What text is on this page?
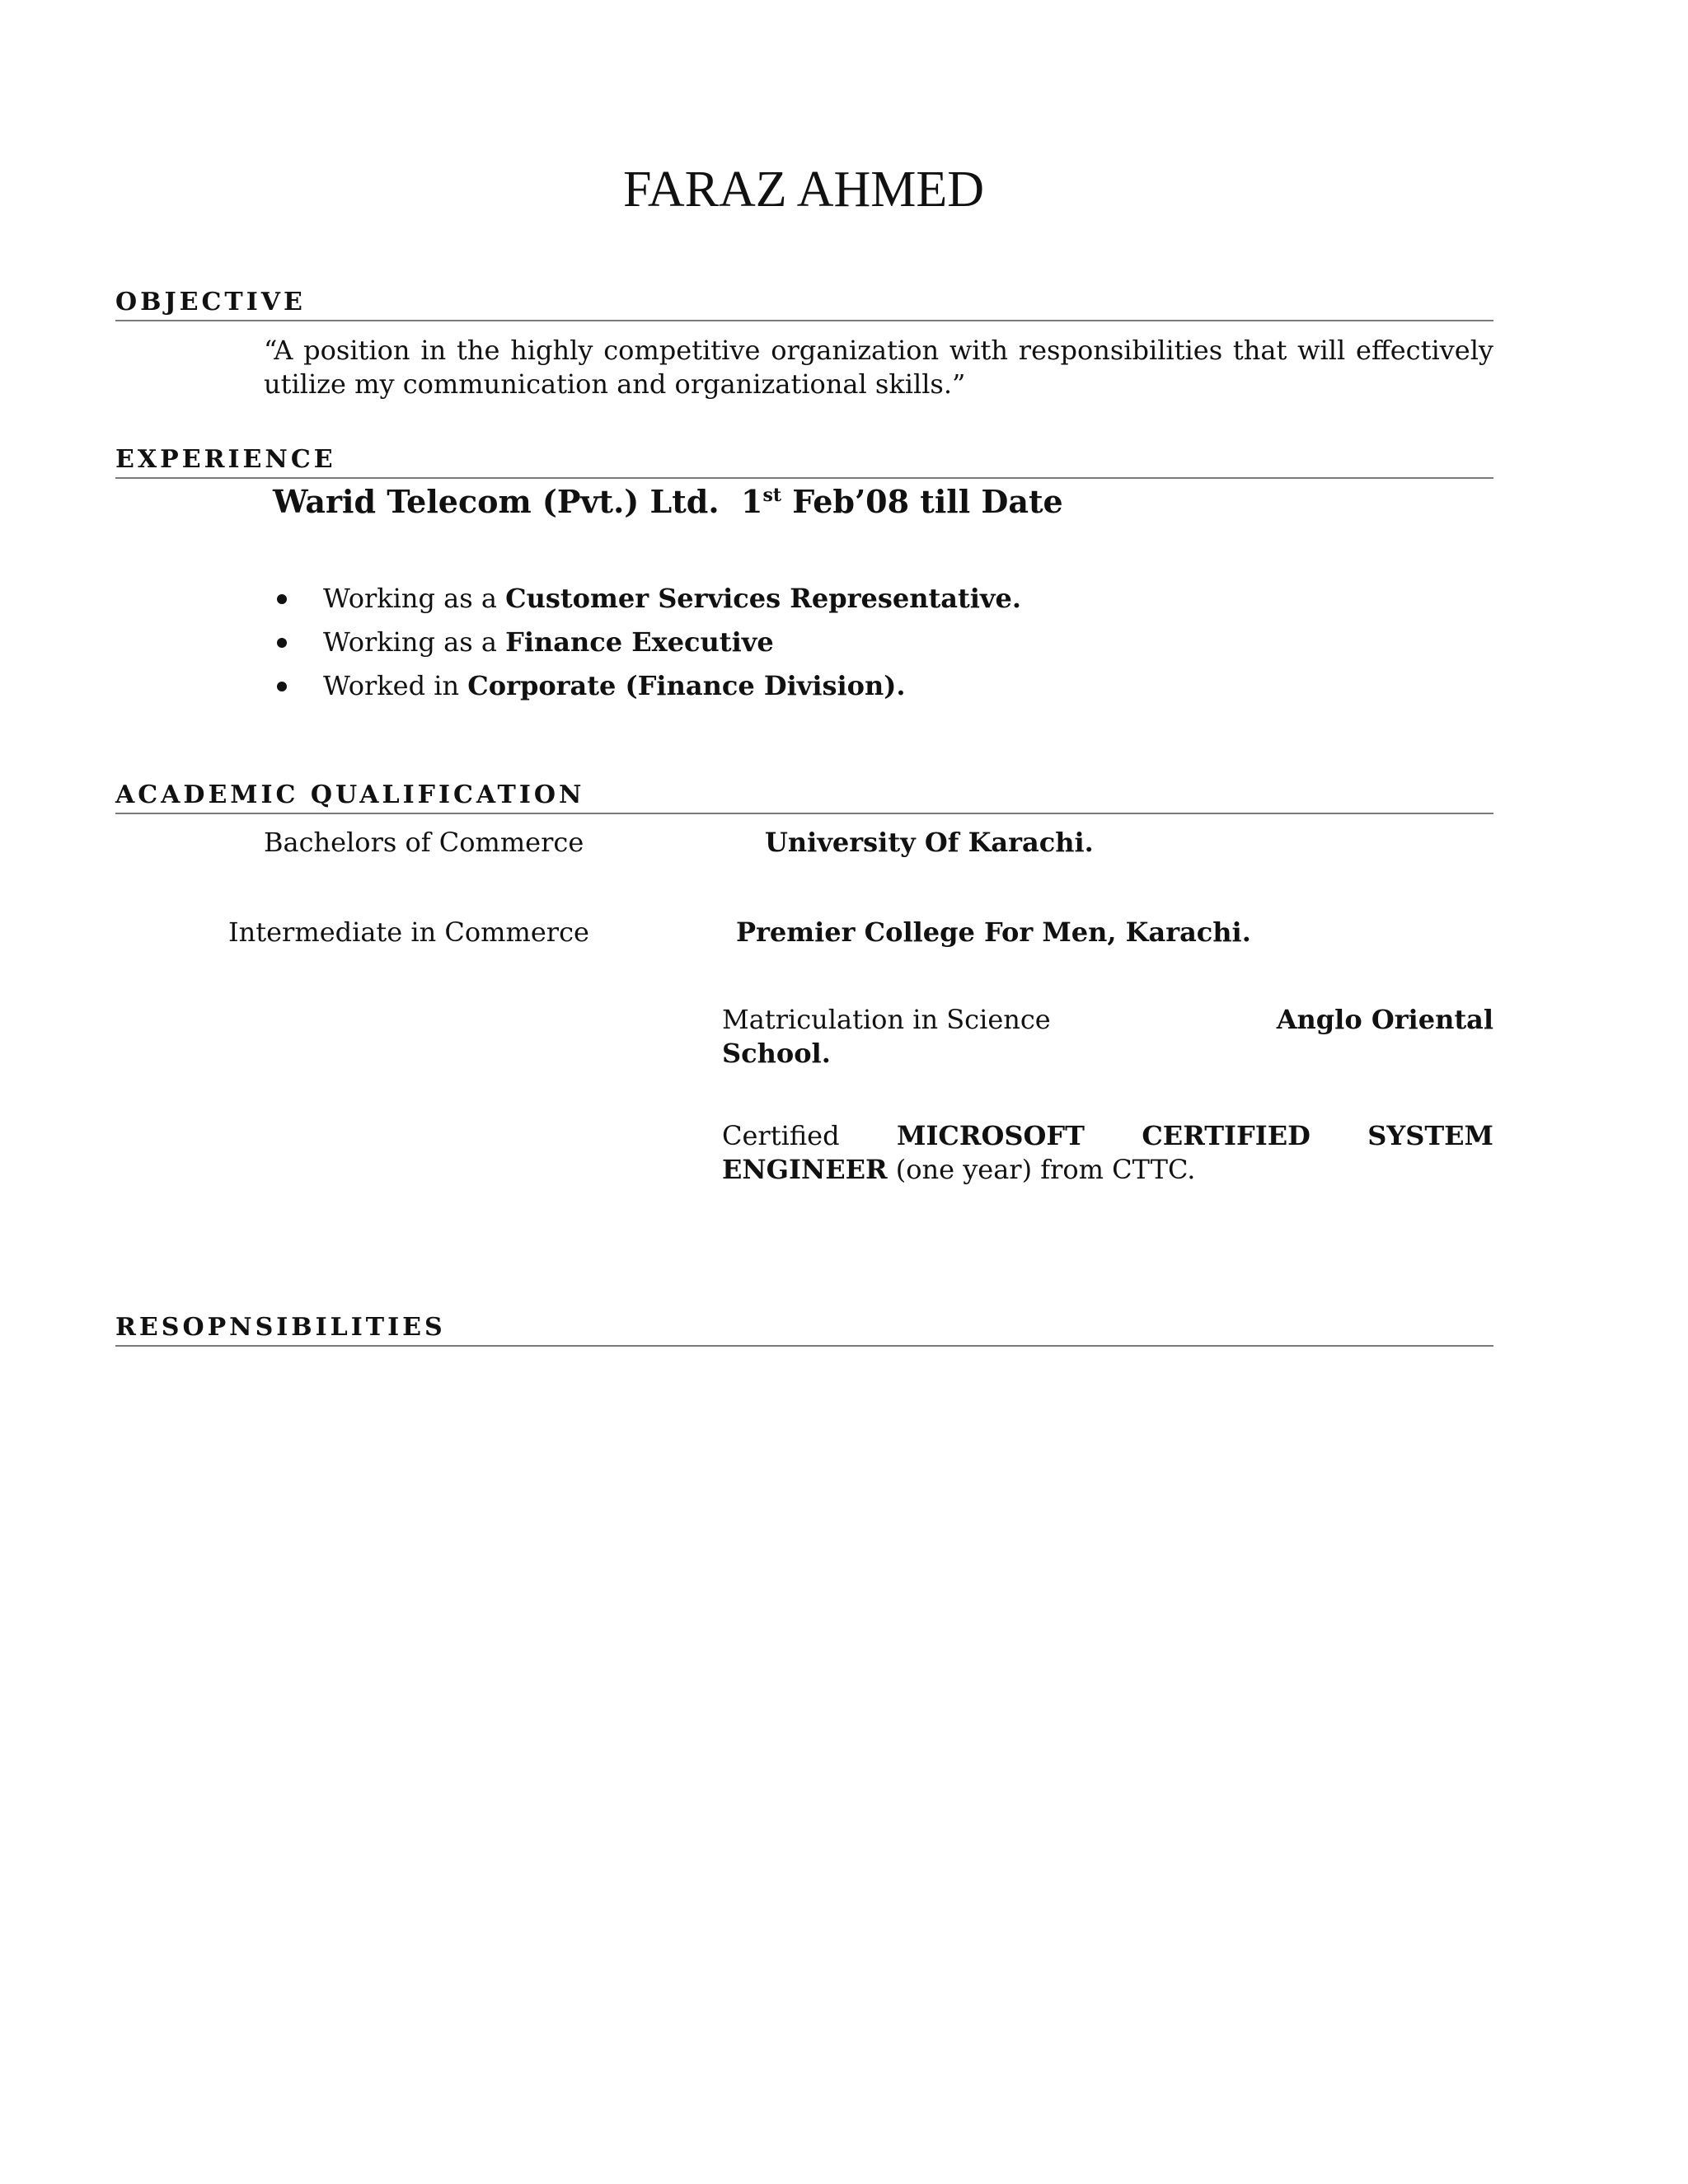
FARAZ AHMED
OBJECTIVE
“A position in the highly competitive organization with responsibilities that will effectively utilize my communication and organizational skills.”
EXPERIENCE
Warid Telecom (Pvt.) Ltd. 1st Feb’08 till Date
Working as a Customer Services Representative.
Working as a Finance Executive
Worked in Corporate (Finance Division).
ACADEMIC QUALIFICATION
Bachelors of Commerce	University Of Karachi.
Intermediate in Commerce	Premier College For Men, Karachi.
Matriculation in Science	Anglo Oriental
School.
Certified MICROSOFT CERTIFIED SYSTEM
ENGINEER (one year) from CTTC.
RESOPNSIBILITIES
